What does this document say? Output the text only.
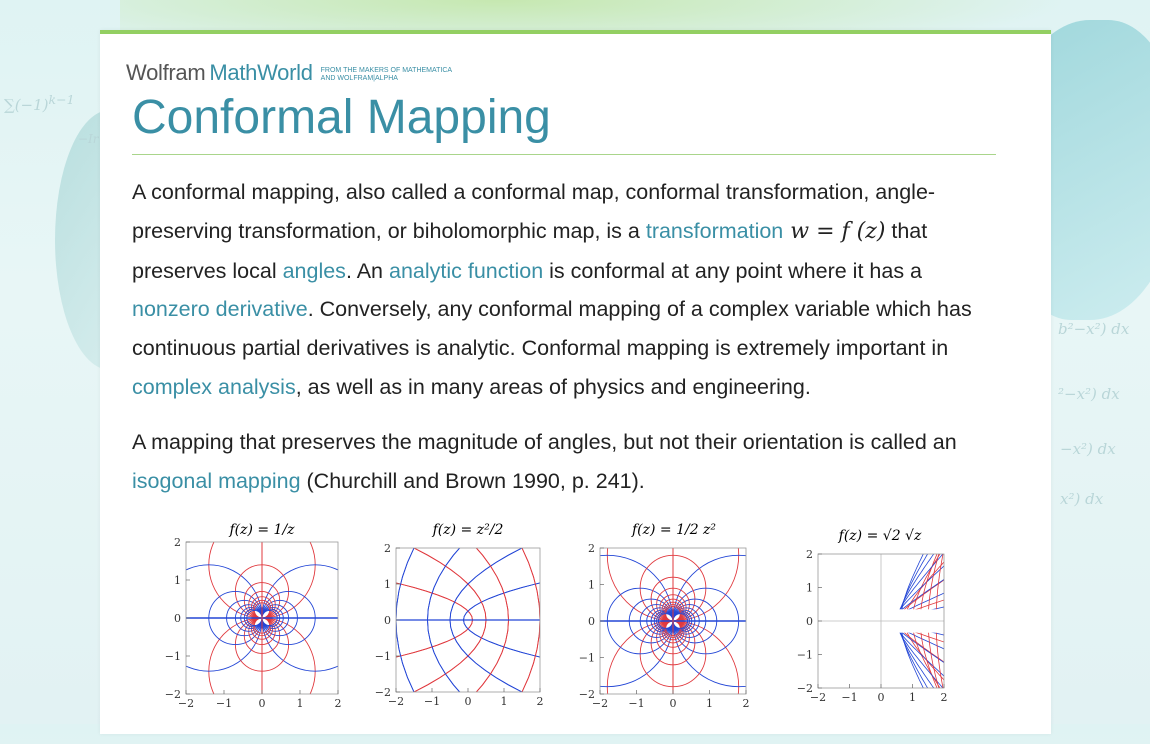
$\sum(-1)^{k-1}$
−Ir
b²−x²) dx
²−x²) dx
−x²) dx
x²) dx
Wolfram MathWorld FROM THE MAKERS OF MATHEMATICA
AND WOLFRAM|ALPHA
Conformal Mapping

A conformal mapping, also called a conformal map, conformal transformation, angle-preserving transformation, or biholomorphic map, is a transformation w = f (z) that preserves local angles. An analytic function is conformal at any point where it has a nonzero derivative. Conversely, any conformal mapping of a complex variable which has continuous partial derivatives is analytic. Conformal mapping is extremely important in complex analysis, as well as in many areas of physics and engineering.

A mapping that preserves the magnitude of angles, but not their orientation is called an isogonal mapping (Churchill and Brown 1990, p. 241).

f(z) = 1/z
−2
2
−1
1
0
0
1
−1
2
−2
f(z) = z²/2
−2
2
−1
1
0
0
1
−1
2
−2
f(z) = 1/2 z²
−2
2
−1
1
0
0
1
−1
2
−2
f(z) = √2 √z
−2
2
−1
1
0
0
1
−1
2
−2
